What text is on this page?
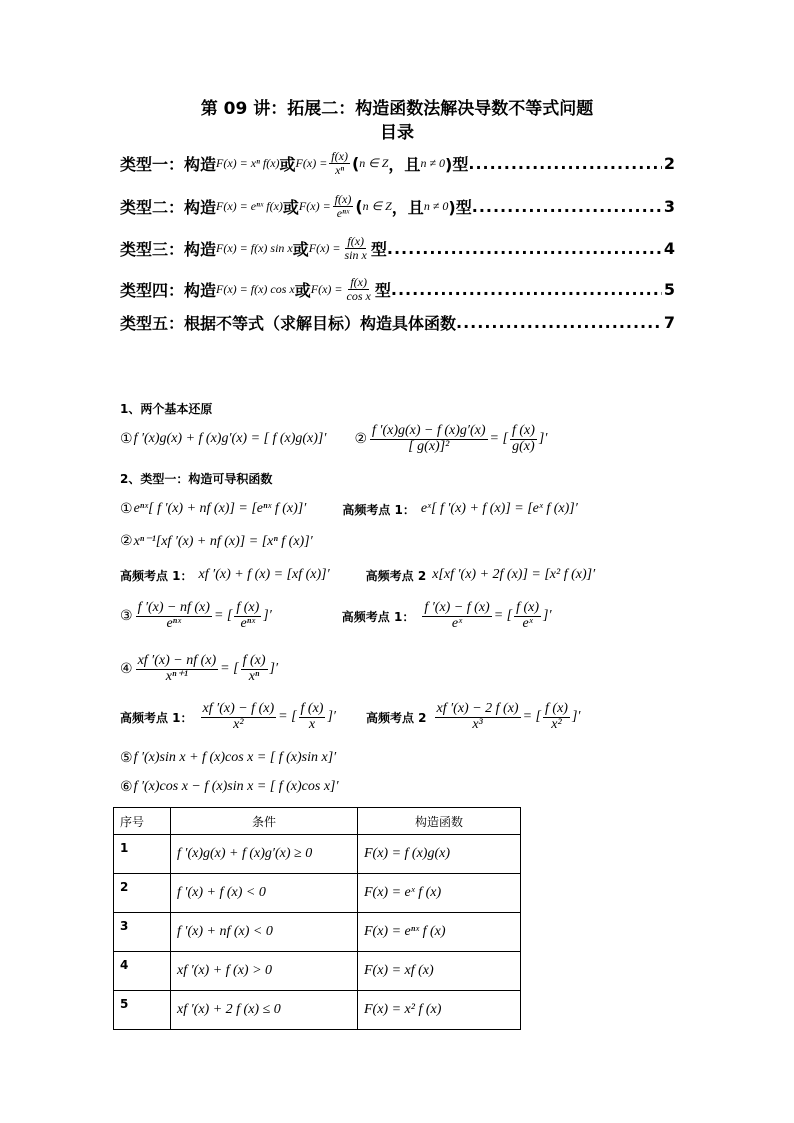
第 09 讲：拓展二：构造函数法解决导数不等式问题
目录
类型一：构造 F(x) = xⁿ f(x) 或 $F(x) = \frac{f(x)}{\text{xⁿ}}$ ( n ∈ Z ， 且 n ≠ 0 )型 .....	2
类型二：构造 F(x) = eⁿˣ f(x) 或 $F(x) = \frac{f(x)}{\text{eⁿˣ}}$ ( n ∈ Z ， 且 n ≠ 0 )型 .....	3
类型三：构造 F(x) = f(x) sin x 或 $F(x) = \frac{f(x)}{\text{sin x}}$ 型 .....	4
类型四：构造 F(x) = f(x) cos x 或 $F(x) = \frac{f(x)}{\text{cos x}}$ 型 .....	5
类型五：根据不等式（求解目标）构造具体函数 .....	7
1、两个基本还原
① f ′(x)g(x) + f (x)g′(x) = [ f (x)g(x)]′ ② $\frac{f '(x)g(x) - f (x)g'(x)}{\text{[ g(x)]²}}$ = [ $\frac{f (x)}{g(x)}$ ]′
2、类型一：构造可导积函数
① eⁿˣ[ f ′(x) + nf (x)] = [eⁿˣ f (x)]′	高频考点 1： eˣ[ f ′(x) + f (x)] = [eˣ f (x)]′
② xⁿ⁻¹[xf ′(x) + nf (x)] = [xⁿ f (x)]′
高频考点 1： xf ′(x) + f (x) = [xf (x)]′	高频考点 2 x[xf ′(x) + 2f (x)] = [x² f (x)]′
③ $\frac{f '(x) - nf (x)}{\text{eⁿˣ}}$ = [ $\frac{f (x)}{\text{eⁿˣ}}$ ]′	高频考点 1： $\frac{f '(x) - f (x)}{\text{eˣ}}$ = [ $\frac{f (x)}{\text{eˣ}}$ ]′
④ $\frac{xf '(x) - nf (x)}{\text{xⁿ⁺¹}}$ = [ $\frac{f (x)}{\text{xⁿ}}$ ]′
高频考点 1： $\frac{xf '(x) - f (x)}{\text{x²}}$ = [ $\frac{f (x)}{x}$ ]′	高频考点 $2 \frac{xf '(x) - 2 f (x)}{\text{x³}}$ = [ $\frac{f (x)}{\text{x²}}$ ]′
⑤ f ′(x)sin x + f (x)cos x = [ f (x)sin x]′
⑥ f ′(x)cos x − f (x)sin x = [ f (x)cos x]′
序号	条件	构造函数
1	f ′(x)g(x) + f (x)g′(x) ≥ 0	F(x) = f (x)g(x)
2	f ′(x) + f (x) < 0	F(x) = eˣ f (x)
3	f ′(x) + nf (x) < 0	F(x) = eⁿˣ f (x)
4	xf ′(x) + f (x) > 0	F(x) = xf (x)
5	xf ′(x) + 2 f (x) ≤ 0	F(x) = x² f (x)
